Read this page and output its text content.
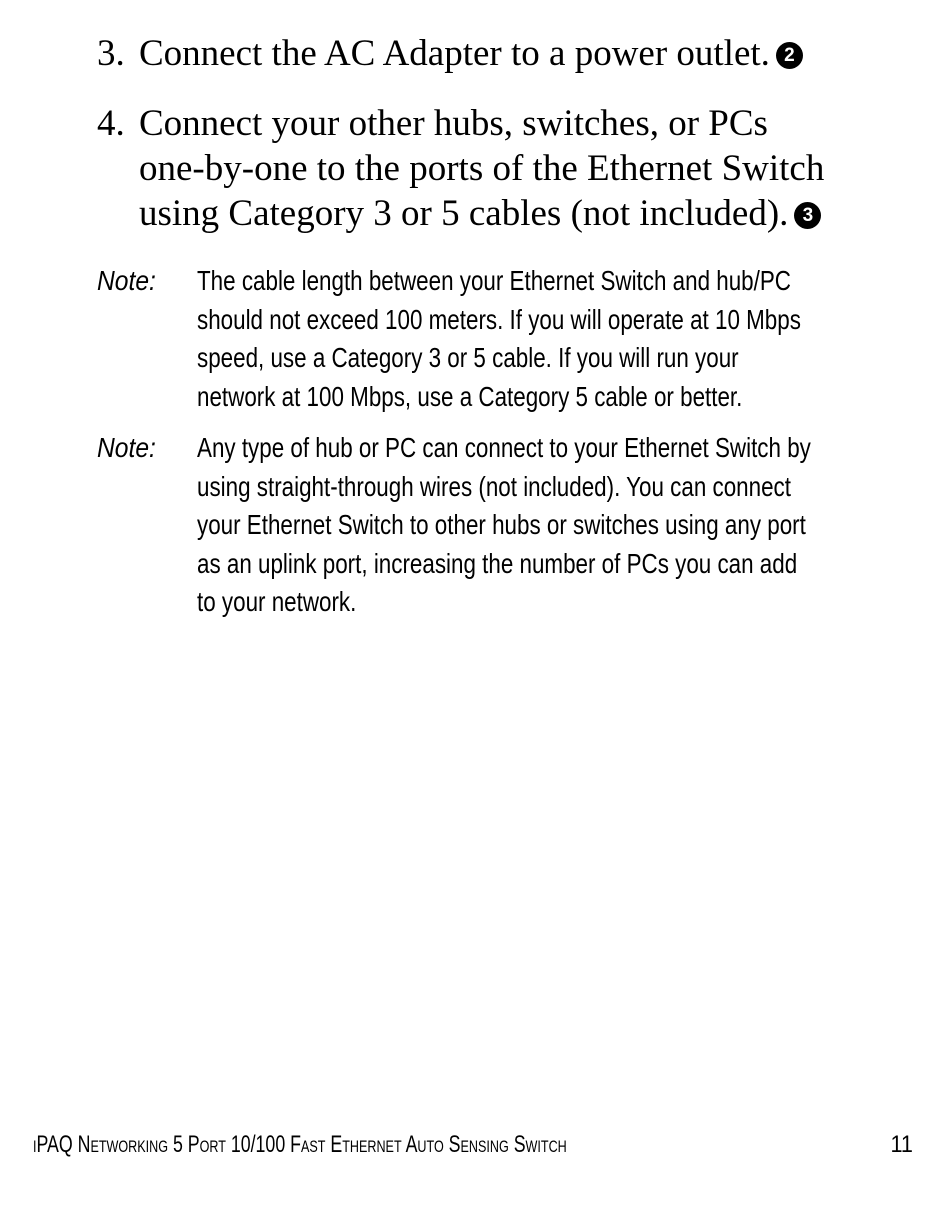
3. Connect the AC Adapter to a power outlet. 2
4. Connect your other hubs, switches, or PCs
one-by-one to the ports of the Ethernet Switch
using Category 3 or 5 cables (not included). 3
Note:	The cable length between your Ethernet Switch and hub/PC
should not exceed 100 meters. If you will operate at 10 Mbps
speed, use a Category 3 or 5 cable. If you will run your
network at 100 Mbps, use a Category 5 cable or better.
Note:	Any type of hub or PC can connect to your Ethernet Switch by
using straight-through wires (not included). You can connect
your Ethernet Switch to other hubs or switches using any port
as an uplink port, increasing the number of PCs you can add
to your network.
iPAQ Networking 5 Port 10/100 Fast Ethernet Auto Sensing Switch	11
